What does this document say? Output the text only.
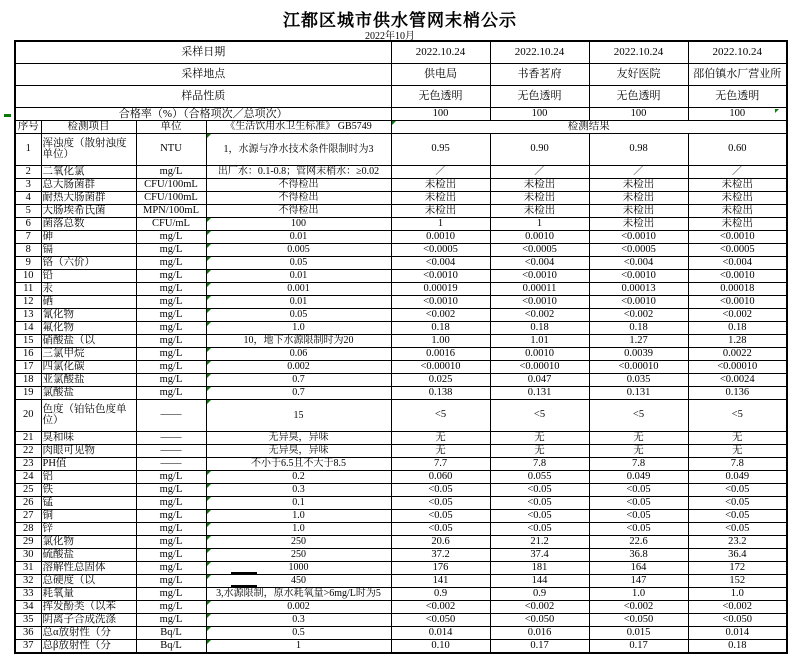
江都区城市供水管网末梢公示
2022年10月
采样日期				2022.10.24	2022.10.24	2022.10.24	2022.10.24
采样地点				供电局	书香茗府	友好医院	邵伯镇水厂营业所
样品性质				无色透明	无色透明	无色透明	无色透明
合格率（%）（合格项次／总项次）				100	100	100	100
序号	检测项目	单位	《生活饮用水卫生标准》 GB5749	检测结果			
1	浑浊度（散射浊度单位）	NTU	1，水源与净水技术条件限制时为3	0.95	0.90	0.98	0.60
2	二氧化氯	mg/L	出厂水：0.1-0.8；管网末梢水：≥0.02	／	／	／	／
3	总大肠菌群	CFU/100mL	不得检出	未检出	未检出	未检出	未检出
4	耐热大肠菌群	CFU/100mL	不得检出	未检出	未检出	未检出	未检出
5	大肠埃希氏菌	MPN/100mL	不得检出	未检出	未检出	未检出	未检出
6	菌落总数	CFU/mL	100	1	1	未检出	未检出
7	砷	mg/L	0.01	0.0010	0.0010	<0.0010	<0.0010
8	镉	mg/L	0.005	<0.0005	<0.0005	<0.0005	<0.0005
9	铬（六价）	mg/L	0.05	<0.004	<0.004	<0.004	<0.004
10	铅	mg/L	0.01	<0.0010	<0.0010	<0.0010	<0.0010
11	汞	mg/L	0.001	0.00019	0.00011	0.00013	0.00018
12	硒	mg/L	0.01	<0.0010	<0.0010	<0.0010	<0.0010
13	氰化物	mg/L	0.05	<0.002	<0.002	<0.002	<0.002
14	氟化物	mg/L	1.0	0.18	0.18	0.18	0.18
15	硝酸盐（以	mg/L	10，地下水源限制时为20	1.00	1.01	1.27	1.28
16	三氯甲烷	mg/L	0.06	0.0016	0.0010	0.0039	0.0022
17	四氯化碳	mg/L	0.002	<0.00010	<0.00010	<0.00010	<0.00010
18	亚氯酸盐	mg/L	0.7	0.025	0.047	0.035	<0.0024
19	氯酸盐	mg/L	0.7	0.138	0.131	0.131	0.136
20	色度（铂钴色度单位）	——	15	<5	<5	<5	<5
21	臭和味	——	无异臭，异味	无	无	无	无
22	肉眼可见物	——	无异臭，异味	无	无	无	无
23	PH值	——	不小于6.5且不大于8.5	7.7	7.8	7.8	7.8
24	铝	mg/L	0.2	0.060	0.055	0.049	0.049
25	铁	mg/L	0.3	<0.05	<0.05	<0.05	<0.05
26	锰	mg/L	0.1	<0.05	<0.05	<0.05	<0.05
27	铜	mg/L	1.0	<0.05	<0.05	<0.05	<0.05
28	锌	mg/L	1.0	<0.05	<0.05	<0.05	<0.05
29	氯化物	mg/L	250	20.6	21.2	22.6	23.2
30	硫酸盐	mg/L	250	37.2	37.4	36.8	36.4
31	溶解性总固体	mg/L	1000	176	181	164	172
32	总硬度（以	mg/L	450	141	144	147	152
33	耗氧量	mg/L	3,水源限制，原水耗氧量>6mg/L时为5	0.9	0.9	1.0	1.0
34	挥发酚类（以苯	mg/L	0.002	<0.002	<0.002	<0.002	<0.002
35	阴离子合成洗涤	mg/L	0.3	<0.050	<0.050	<0.050	<0.050
36	总α放射性（分	Bq/L	0.5	0.014	0.016	0.015	0.014
37	总β放射性（分	Bq/L	1	0.10	0.17	0.17	0.18
